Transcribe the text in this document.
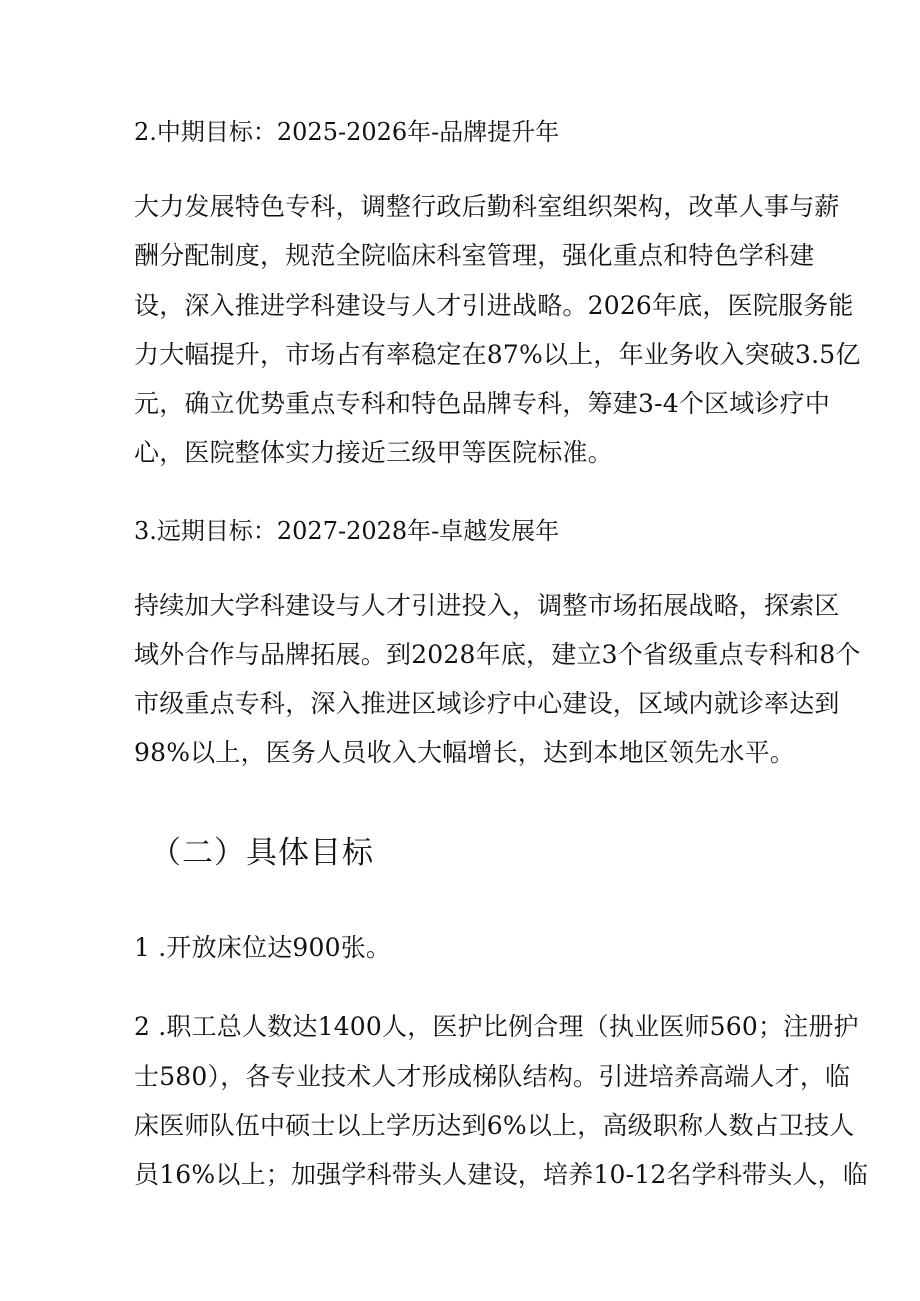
2.中期目标：2025-2026年-品牌提升年
大力发展特色专科，调整行政后勤科室组织架构，改革人事与薪
酬分配制度，规范全院临床科室管理，强化重点和特色学科建
设，深入推进学科建设与人才引进战略。2026年底，医院服务能
力大幅提升，市场占有率稳定在87%以上，年业务收入突破3.5亿
元，确立优势重点专科和特色品牌专科，筹建3-4个区域诊疗中
心，医院整体实力接近三级甲等医院标准。
3.远期目标：2027-2028年-卓越发展年
持续加大学科建设与人才引进投入，调整市场拓展战略，探索区
域外合作与品牌拓展。到2028年底，建立3个省级重点专科和8个
市级重点专科，深入推进区域诊疗中心建设，区域内就诊率达到
98%以上，医务人员收入大幅增长，达到本地区领先水平。
（二）具体目标
1 .开放床位达900张。
2 .职工总人数达1400人，医护比例合理（执业医师560；注册护
士580），各专业技术人才形成梯队结构。引进培养高端人才，临
床医师队伍中硕士以上学历达到6%以上，高级职称人数占卫技人
员16%以上；加强学科带头人建设，培养10-12名学科带头人，临
